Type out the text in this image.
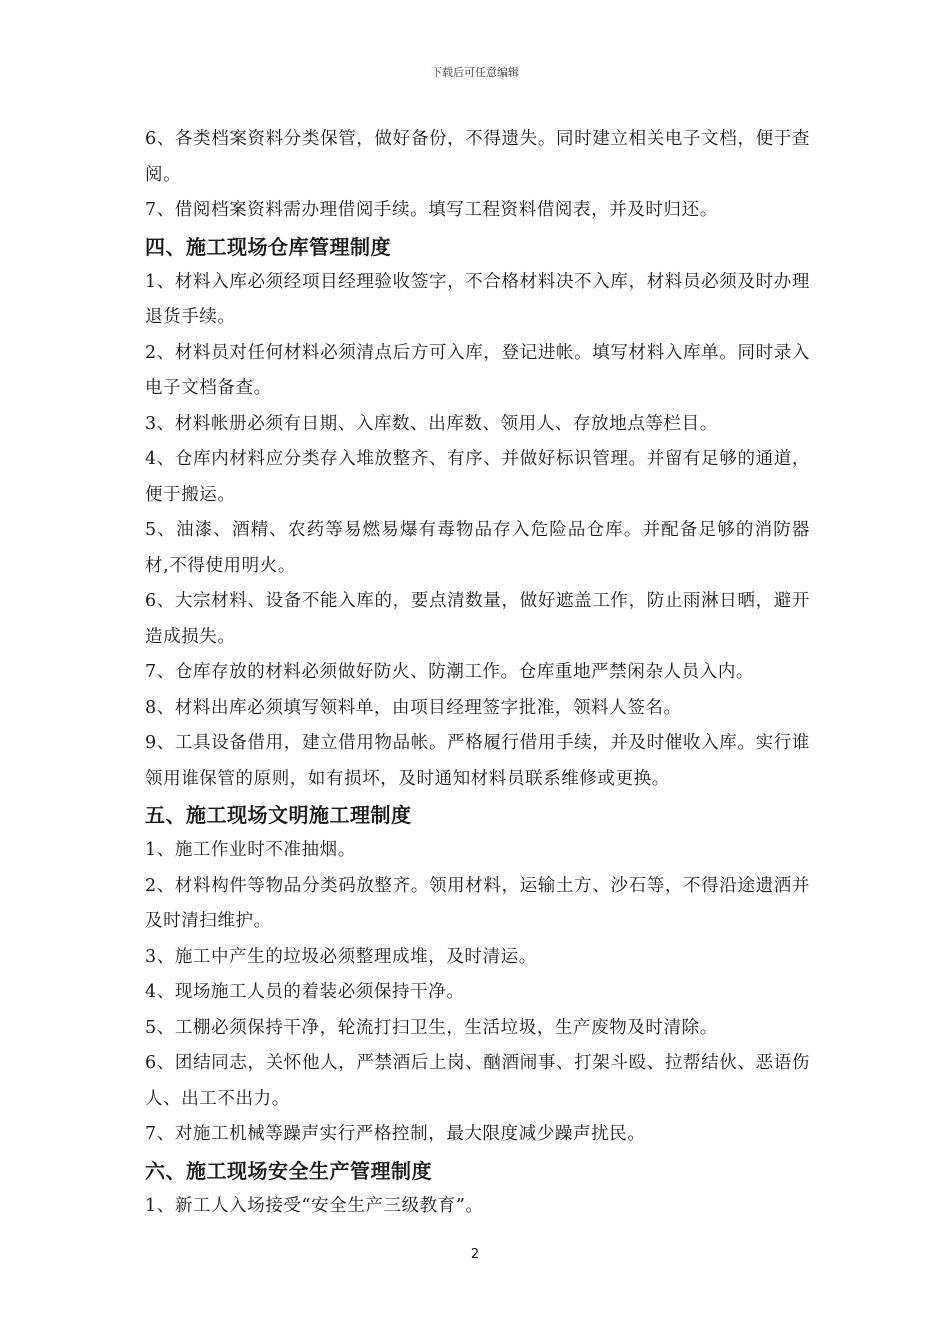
下载后可任意编辑

6、各类档案资料分类保管，做好备份，不得遗失。同时建立相关电子文档，便于查阅。

7、借阅档案资料需办理借阅手续。填写工程资料借阅表，并及时归还。

四、施工现场仓库管理制度

1、材料入库必须经项目经理验收签字，不合格材料决不入库，材料员必须及时办理退货手续。

2、材料员对任何材料必须清点后方可入库，登记进帐。填写材料入库单。同时录入电子文档备查。

3、材料帐册必须有日期、入库数、出库数、领用人、存放地点等栏目。

4、仓库内材料应分类存入堆放整齐、有序、并做好标识管理。并留有足够的通道，便于搬运。

5、油漆、酒精、农药等易燃易爆有毒物品存入危险品仓库。并配备足够的消防器材,不得使用明火。

6、大宗材料、设备不能入库的，要点清数量，做好遮盖工作，防止雨淋日晒，避开造成损失。

7、仓库存放的材料必须做好防火、防潮工作。仓库重地严禁闲杂人员入内。

8、材料出库必须填写领料单，由项目经理签字批准，领料人签名。

9、工具设备借用，建立借用物品帐。严格履行借用手续，并及时催收入库。实行谁领用谁保管的原则，如有损坏，及时通知材料员联系维修或更换。

五、施工现场文明施工理制度

1、施工作业时不准抽烟。

2、材料构件等物品分类码放整齐。领用材料，运输土方、沙石等，不得沿途遗洒并及时清扫维护。

3、施工中产生的垃圾必须整理成堆，及时清运。

4、现场施工人员的着装必须保持干净。

5、工棚必须保持干净，轮流打扫卫生，生活垃圾，生产废物及时清除。

6、团结同志，关怀他人，严禁酒后上岗、酗酒闹事、打架斗殴、拉帮结伙、恶语伤人、出工不出力。

7、对施工机械等躁声实行严格控制，最大限度减少躁声扰民。

六、施工现场安全生产管理制度

1、新工人入场接受“安全生产三级教育”。

2
